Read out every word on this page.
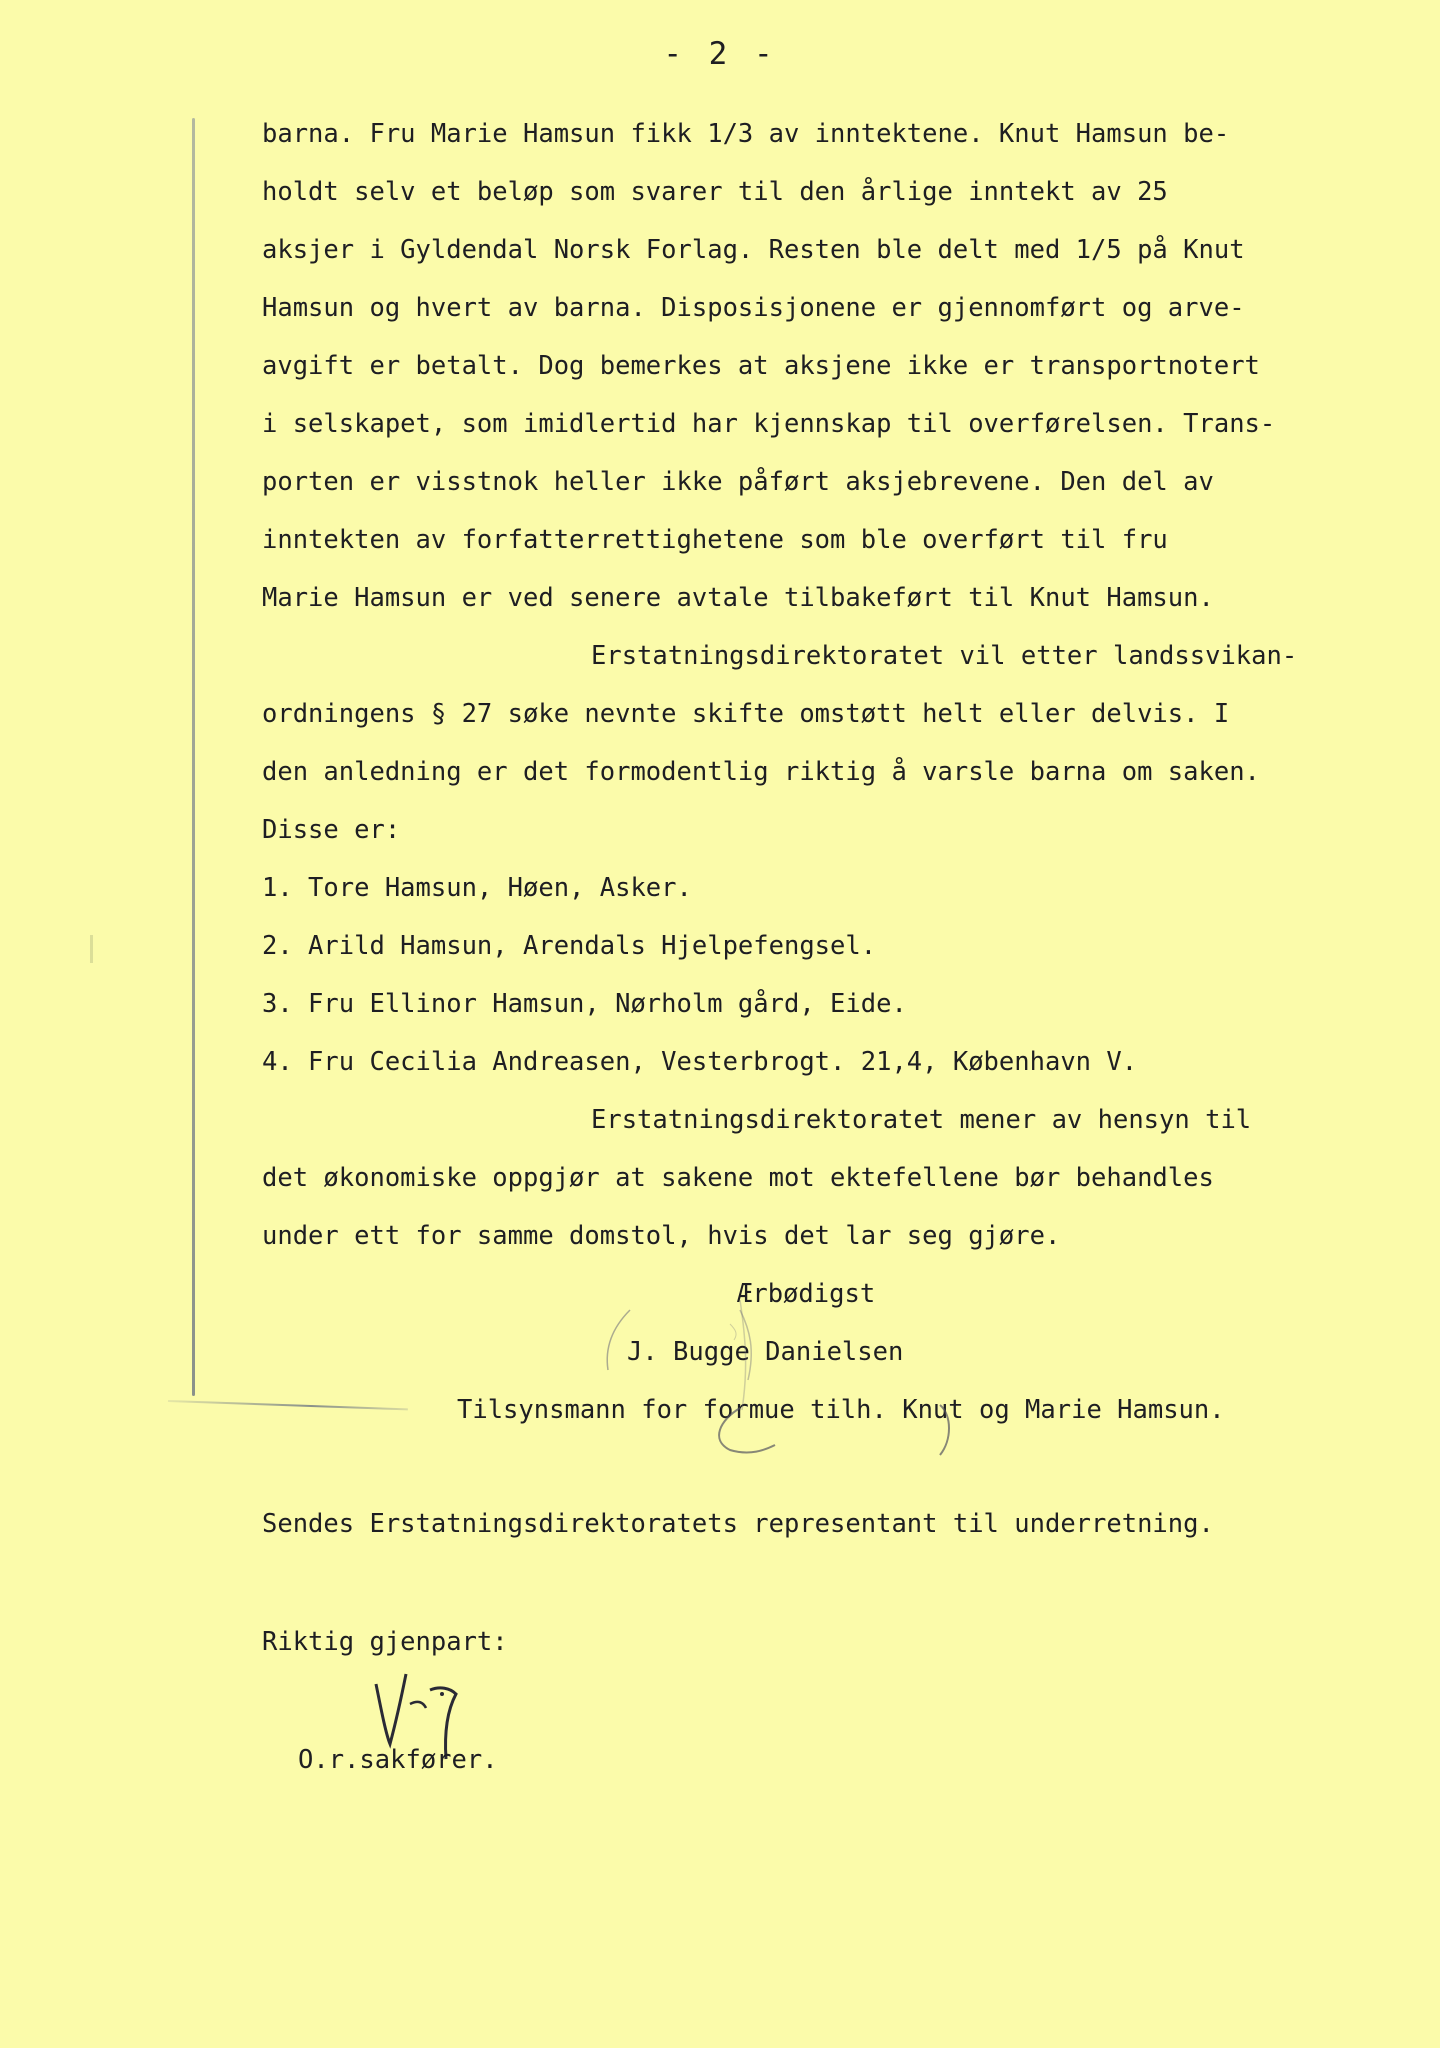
- 2 -
barna. Fru Marie Hamsun fikk 1/3 av inntektene. Knut Hamsun be-
holdt selv et beløp som svarer til den årlige inntekt av 25
aksjer i Gyldendal Norsk Forlag. Resten ble delt med 1/5 på Knut
Hamsun og hvert av barna. Disposisjonene er gjennomført og arve-
avgift er betalt. Dog bemerkes at aksjene ikke er transportnotert
i selskapet, som imidlertid har kjennskap til overførelsen. Trans-
porten er visstnok heller ikke påført aksjebrevene. Den del av
inntekten av forfatterrettighetene som ble overført til fru
Marie Hamsun er ved senere avtale tilbakeført til Knut Hamsun.
Erstatningsdirektoratet vil etter landssvikan-
ordningens § 27 søke nevnte skifte omstøtt helt eller delvis. I
den anledning er det formodentlig riktig å varsle barna om saken.
Disse er:
1. Tore Hamsun, Høen, Asker.
2. Arild Hamsun, Arendals Hjelpefengsel.
3. Fru Ellinor Hamsun, Nørholm gård, Eide.
4. Fru Cecilia Andreasen, Vesterbrogt. 21,4, København V.
Erstatningsdirektoratet mener av hensyn til
det økonomiske oppgjør at sakene mot ektefellene bør behandles
under ett for samme domstol, hvis det lar seg gjøre.
Ærbødigst
J. Bugge Danielsen
Tilsynsmann for formue tilh. Knut og Marie Hamsun.
Sendes Erstatningsdirektoratets representant til underretning.
Riktig gjenpart:
O.r.sakfører.
